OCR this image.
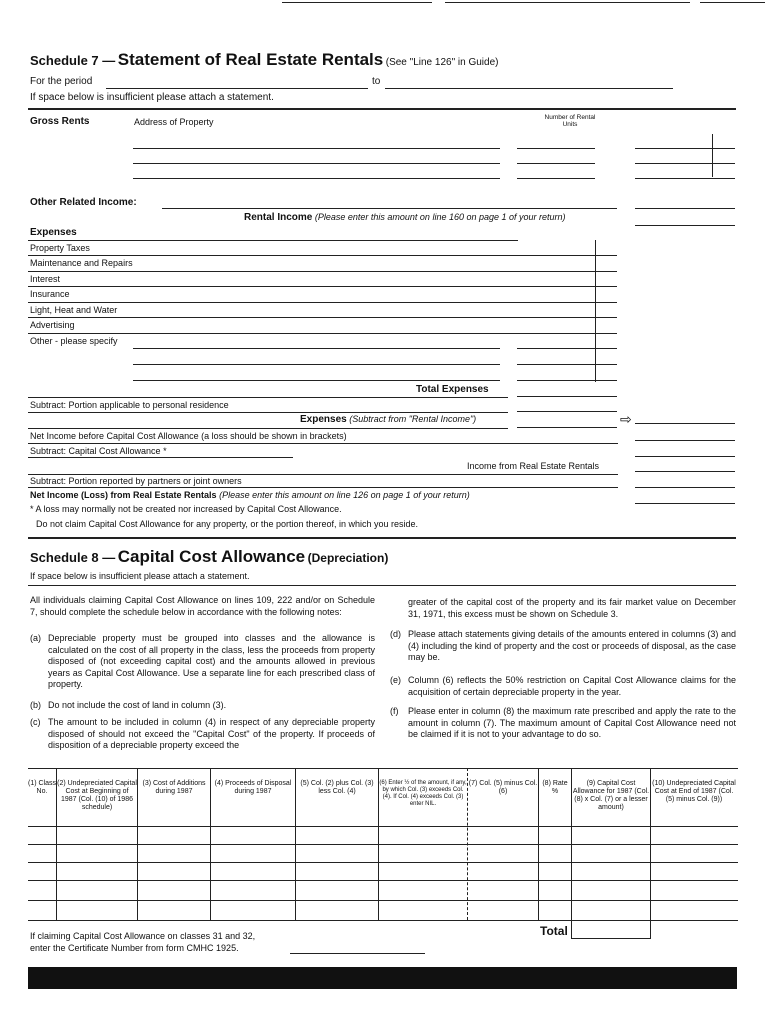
Schedule 7 — Statement of Real Estate Rentals (See "Line 126" in Guide)
For the period	to
If space below is insufficient please attach a statement.
Gross Rents	Address of Property	Number of Rental Units
Other Related Income:
Rental Income (Please enter this amount on line 160 on page 1 of your return)
Expenses
Property Taxes
Maintenance and Repairs
Interest
Insurance
Light, Heat and Water
Advertising
Other - please specify
Total Expenses
Subtract: Portion applicable to personal residence
Expenses (Subtract from "Rental Income")	⇨
Net Income before Capital Cost Allowance (a loss should be shown in brackets)
Subtract: Capital Cost Allowance *
Income from Real Estate Rentals
Subtract: Portion reported by partners or joint owners
Net Income (Loss) from Real Estate Rentals (Please enter this amount on line 126 on page 1 of your return)
* A loss may normally not be created nor increased by Capital Cost Allowance.
Do not claim Capital Cost Allowance for any property, or the portion thereof, in which you reside.
Schedule 8 — Capital Cost Allowance (Depreciation)
If space below is insufficient please attach a statement.
All individuals claiming Capital Cost Allowance on lines 109, 222 and/or on Schedule 7, should complete the schedule below in accordance with the following notes:
(a) Depreciable property must be grouped into classes and the allowance is calculated on the cost of all property in the class, less the proceeds from property disposed of (not exceeding capital cost) and the amounts allowed in previous years as Capital Cost Allowance. Use a separate line for each prescribed class of property.
(b) Do not include the cost of land in column (3).
(c) The amount to be included in column (4) in respect of any depreciable property disposed of should not exceed the "Capital Cost" of the property. If proceeds of disposition of a depreciable property exceed the
greater of the capital cost of the property and its fair market value on December 31, 1971, this excess must be shown on Schedule 3.
(d) Please attach statements giving details of the amounts entered in columns (3) and (4) including the kind of property and the cost or proceeds of disposal, as the case may be.
(e) Column (6) reflects the 50% restriction on Capital Cost Allowance claims for the acquisition of certain depreciable property in the year.
(f) Please enter in column (8) the maximum rate prescribed and apply the rate to the amount in column (7). The maximum amount of Capital Cost Allowance need not be claimed if it is not to your advantage to do so.
(1) Class No.
(2) Undepreciated Capital Cost at Beginning of 1987 (Col. (10) of 1986 schedule)
(3) Cost of Additions during 1987
(4) Proceeds of Disposal during 1987
(5) Col. (2) plus Col. (3) less Col. (4)
(6) Enter ½ of the amount, if any, by which Col. (3) exceeds Col. (4). If Col. (4) exceeds Col. (3) enter NIL.
(7) Col. (5) minus Col. (6)
(8) Rate %
(9) Capital Cost Allowance for 1987 (Col. (8) x Col. (7) or a lesser amount)
(10) Undepreciated Capital Cost at End of 1987 (Col. (5) minus Col. (9))
Total
If claiming Capital Cost Allowance on classes 31 and 32,
enter the Certificate Number from form CMHC 1925.
